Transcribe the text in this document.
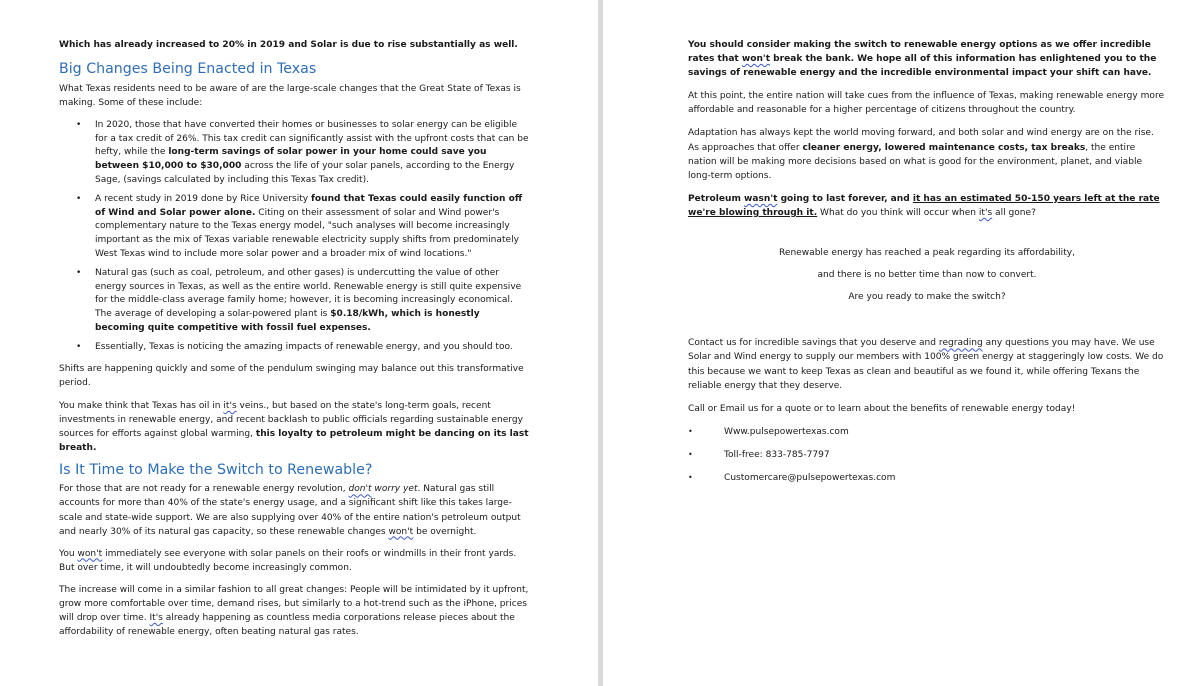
Which has already increased to 20% in 2019 and Solar is due to rise substantially as well.

Big Changes Being Enacted in Texas

What Texas residents need to be aware of are the large-scale changes that the Great State of Texas is making. Some of these include:

• In 2020, those that have converted their homes or businesses to solar energy can be eligible for a tax credit of 26%. This tax credit can significantly assist with the upfront costs that can be hefty, while the long-term savings of solar power in your home could save you between $10,000 to $30,000 across the life of your solar panels, according to the Energy Sage, (savings calculated by including this Texas Tax credit).
• A recent study in 2019 done by Rice University found that Texas could easily function off of Wind and Solar power alone. Citing on their assessment of solar and Wind power's complementary nature to the Texas energy model, "such analyses will become increasingly important as the mix of Texas variable renewable electricity supply shifts from predominately West Texas wind to include more solar power and a broader mix of wind locations."
• Natural gas (such as coal, petroleum, and other gases) is undercutting the value of other energy sources in Texas, as well as the entire world. Renewable energy is still quite expensive for the middle-class average family home; however, it is becoming increasingly economical. The average of developing a solar-powered plant is $0.18/kWh, which is honestly becoming quite competitive with fossil fuel expenses.
• Essentially, Texas is noticing the amazing impacts of renewable energy, and you should too.

Shifts are happening quickly and some of the pendulum swinging may balance out this transformative period.

You make think that Texas has oil in it's veins., but based on the state's long-term goals, recent investments in renewable energy, and recent backlash to public officials regarding sustainable energy sources for efforts against global warming, this loyalty to petroleum might be dancing on its last breath.

Is It Time to Make the Switch to Renewable?

For those that are not ready for a renewable energy revolution, don't worry yet. Natural gas still accounts for more than 40% of the state's energy usage, and a significant shift like this takes large-scale and state-wide support. We are also supplying over 40% of the entire nation's petroleum output and nearly 30% of its natural gas capacity, so these renewable changes won't be overnight.

You won't immediately see everyone with solar panels on their roofs or windmills in their front yards. But over time, it will undoubtedly become increasingly common.

The increase will come in a similar fashion to all great changes: People will be intimidated by it upfront, grow more comfortable over time, demand rises, but similarly to a hot-trend such as the iPhone, prices will drop over time. It's already happening as countless media corporations release pieces about the affordability of renewable energy, often beating natural gas rates.

You should consider making the switch to renewable energy options as we offer incredible rates that won't break the bank. We hope all of this information has enlightened you to the savings of renewable energy and the incredible environmental impact your shift can have.

At this point, the entire nation will take cues from the influence of Texas, making renewable energy more affordable and reasonable for a higher percentage of citizens throughout the country.

Adaptation has always kept the world moving forward, and both solar and wind energy are on the rise. As approaches that offer cleaner energy, lowered maintenance costs, tax breaks, the entire nation will be making more decisions based on what is good for the environment, planet, and viable long-term options.

Petroleum wasn't going to last forever, and it has an estimated 50-150 years left at the rate we're blowing through it. What do you think will occur when it's all gone?

Renewable energy has reached a peak regarding its affordability,

and there is no better time than now to convert.

Are you ready to make the switch?

Contact us for incredible savings that you deserve and regrading any questions you may have. We use Solar and Wind energy to supply our members with 100% green energy at staggeringly low costs. We do this because we want to keep Texas as clean and beautiful as we found it, while offering Texans the reliable energy that they deserve.

Call or Email us for a quote or to learn about the benefits of renewable energy today!

•	Www.pulsepowertexas.com
•	Toll-free: 833-785-7797
•	Customercare@pulsepowertexas.com
